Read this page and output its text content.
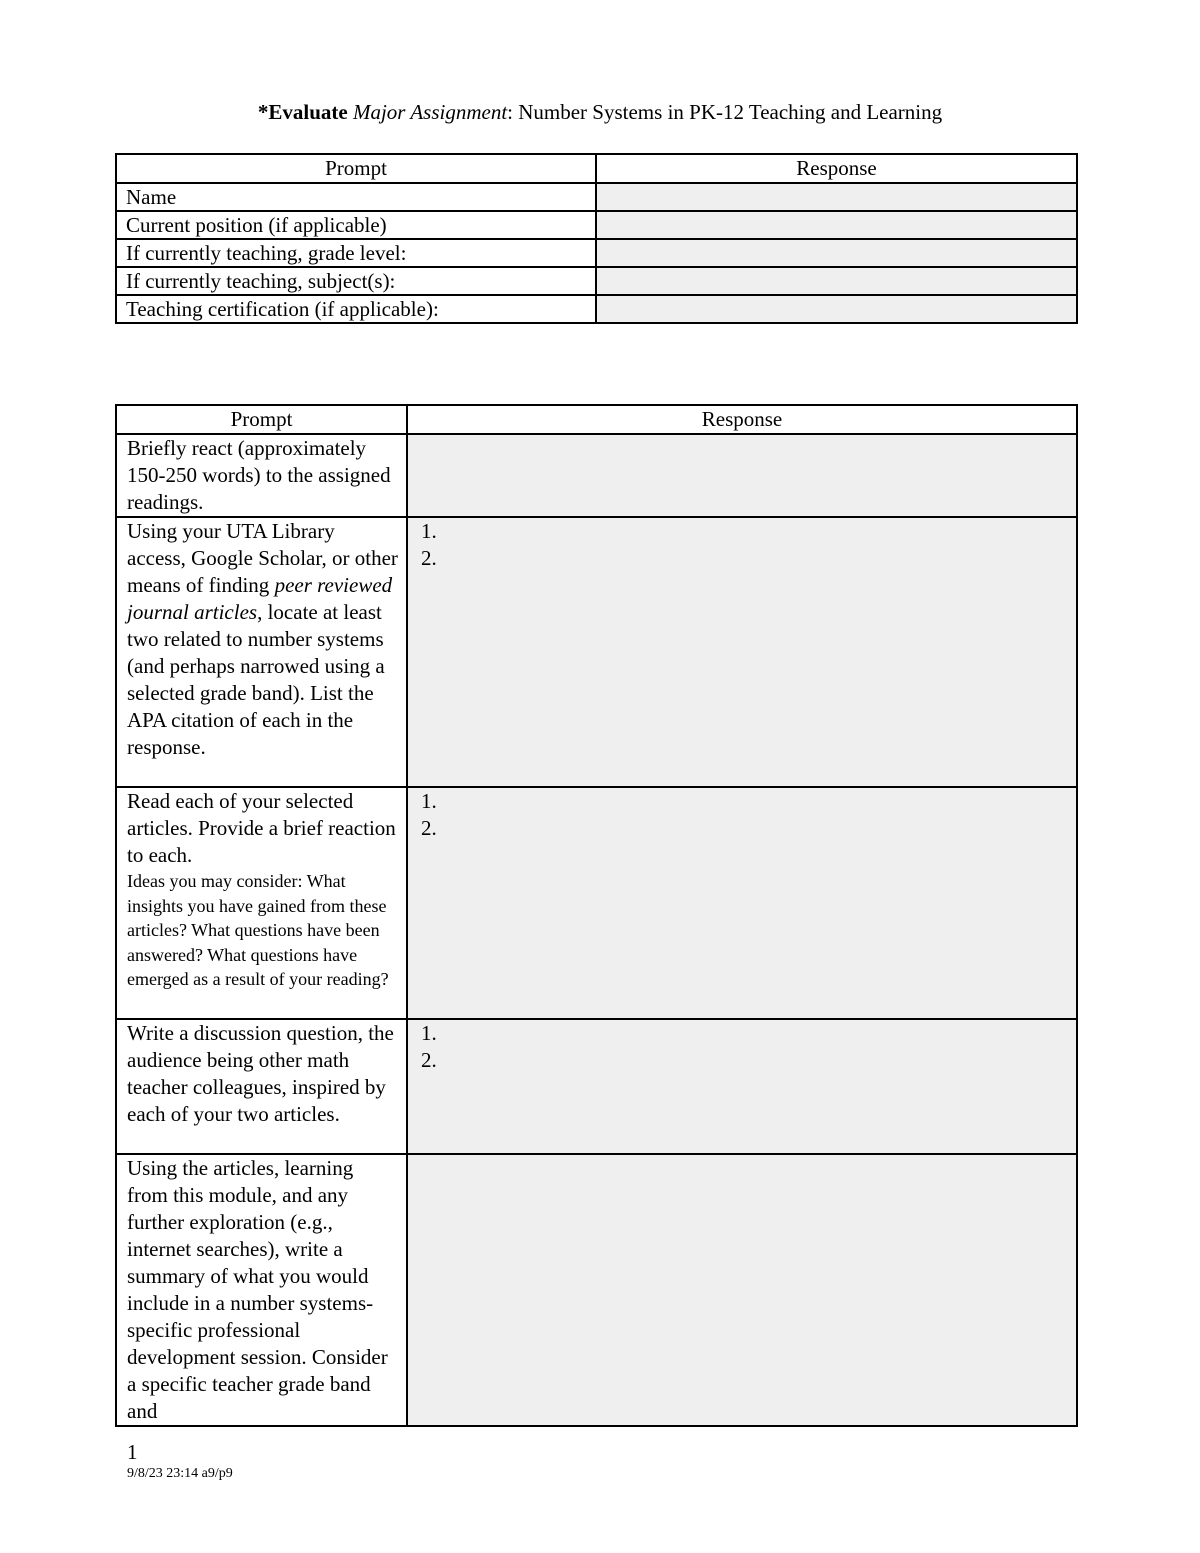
*Evaluate Major Assignment: Number Systems in PK-12 Teaching and Learning
Prompt	Response
Name	
Current position (if applicable)	
If currently teaching, grade level:	
If currently teaching, subject(s):	
Teaching certification (if applicable):	
Prompt	Response
Briefly react (approximately 150-250 words) to the assigned readings.	
Using your UTA Library access, Google Scholar, or other means of finding peer reviewed journal articles, locate at least two related to number systems (and perhaps narrowed using a selected grade band). List the APA citation of each in the response.	1.
2.

Read each of your selected articles. Provide a brief reaction to each.
Ideas you may consider: What insights you have gained from these articles? What questions have been answered? What questions have emerged as a result of your reading?	1.
2.

Write a discussion question, the audience being other math teacher colleagues, inspired by each of your two articles.	1.
2.

Using the articles, learning from this module, and any further exploration (e.g., internet searches), write a summary of what you would include in a number systems-specific professional development session. Consider a specific teacher grade band and	
1
9/8/23 23:14 a9/p9
